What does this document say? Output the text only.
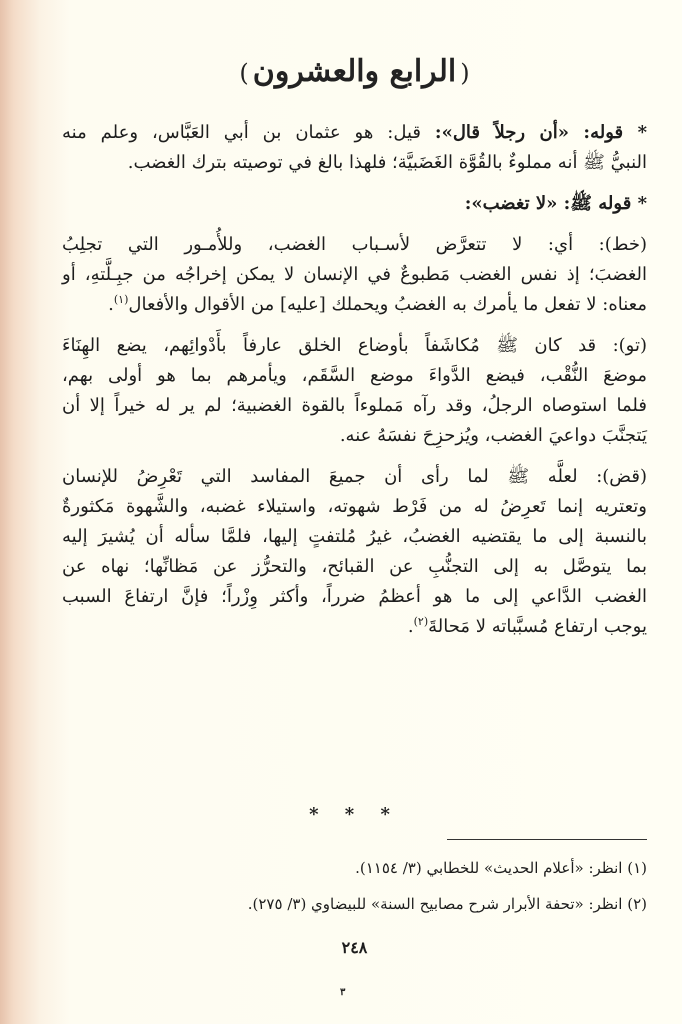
(الرابع والعشرون)
* قوله: «أن رجلاً قال»: قيل: هو عثمان بن أبي العَبَّاس، وعلم منه
النبيُّ ﷺ أنه مملوءٌ بالقُوَّة الغَضَبيَّة؛ فلهذا بالغ في توصيته بترك الغضب.
* قوله ﷺ: «لا تغضب»:
(خط): أي: لا تتعرَّض لأسـباب الغضب، وللأُمـور التي تجلِبُ
الغضبَ؛ إذ نفس الغضب مَطبوعٌ في الإنسان لا يمكن إخراجُه من جبِـلَّتهِ، أو
معناه: لا تفعل ما يأمرك به الغضبُ ويحملك [عليه] من الأقوال والأفعال$^{(١)}$.
(تو): قد كان ﷺ مُكاشَفاً بأوضاع الخلق عارفاً بأَدْوائِهم، يضع الهِنَاءَ
موضعَ النُّقْب، فيضع الدَّواءَ موضع السَّقَم، ويأمرهم بما هو أولى بهم،
فلما استوصاه الرجلُ، وقد رآه مَملوءاً بالقوة الغضبية؛ لم ير له خيراً إلا أن
يَتجنَّبَ دواعيَ الغضب، ويُزحزِحَ نفسَهُ عنه.
(قض): لعلَّه ﷺ لما رأى أن جميعَ المفاسد التي تَعْرِضُ للإنسان
وتعتريه إنما تَعرِضُ له من فَرْط شهوته، واستيلاء غضبه، والشَّهوة مَكثورةٌ
بالنسبة إلى ما يقتضيه الغضبُ، غيرُ مُلتفتٍ إليها، فلمَّا سأله أن يُشيرَ إليه
بما يتوصَّل به إلى التجنُّبِ عن القبائح، والتحرُّز عن مَظانِّها؛ نهاه عن
الغضب الدَّاعي إلى ما هو أعظمُ ضرراً، وأكثر وِزْراً؛ فإنَّ ارتفاعَ السبب
يوجب ارتفاع مُسبَّباته لا مَحالةَ$^{(٢)}$.
* * *
(١) انظر: «أعلام الحديث» للخطابي (٣/ ١١٥٤).
(٢) انظر: «تحفة الأبرار شرح مصابيح السنة» للبيضاوي (٣/ ٢٧٥).
٢٤٨
٣
